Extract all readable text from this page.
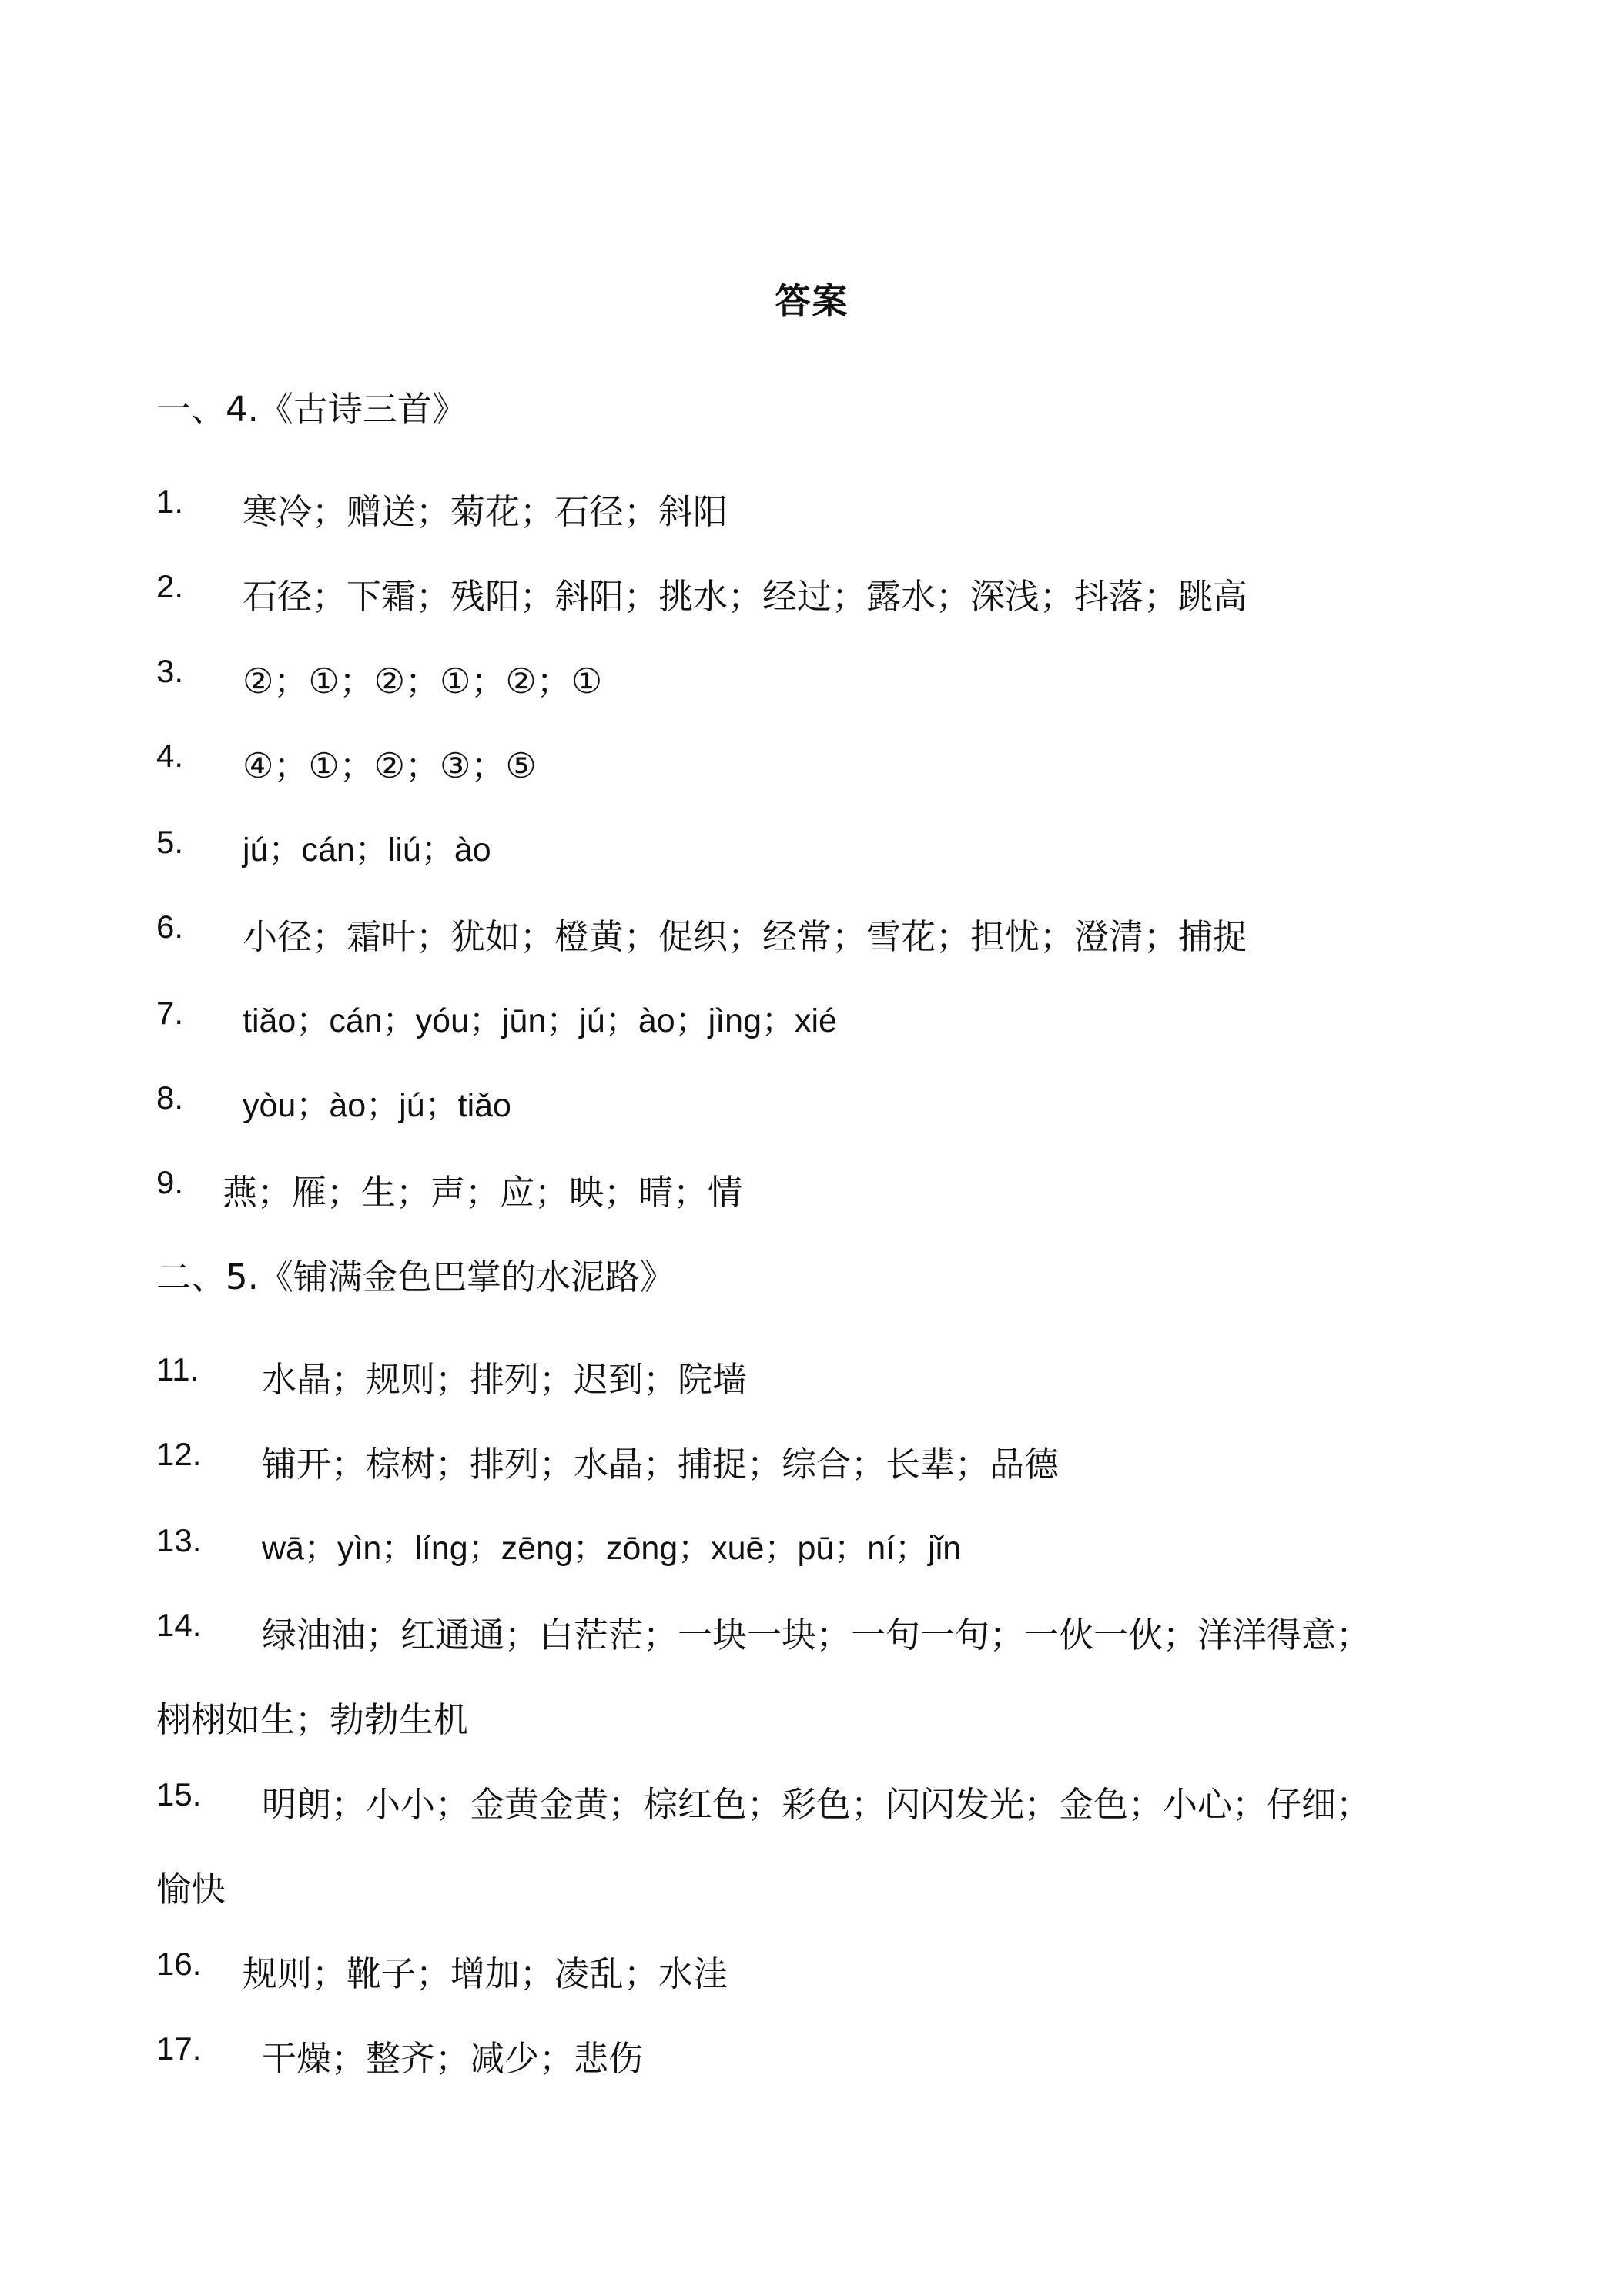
答案
一、4.《古诗三首》
1. 寒冷；赠送；菊花；石径；斜阳
2. 石径；下霜；残阳；斜阳；挑水；经过；露水；深浅；抖落；跳高
3. ②；①；②；①；②；①
4. ④；①；②；③；⑤
5. jú；cán；liú；ào
6. 小径；霜叶；犹如；橙黄；促织；经常；雪花；担忧；澄清；捕捉
7. tiǎo；cán；yóu；jūn；jú；ào；jìng；xié
8. yòu；ào；jú；tiǎo
9. 燕；雁；生；声；应；映；晴；情
二、5.《铺满金色巴掌的水泥路》
11. 水晶；规则；排列；迟到；院墙
12. 铺开；棕树；排列；水晶；捕捉；综合；长辈；品德
13. wā；yìn；líng；zēng；zōng；xuē；pū；ní；jǐn
14. 绿油油；红通通；白茫茫；一块一块；一句一句；一伙一伙；洋洋得意；
栩栩如生；勃勃生机
15. 明朗；小小；金黄金黄；棕红色；彩色；闪闪发光；金色；小心；仔细；
愉快
16. 规则；靴子；增加；凌乱；水洼
17. 干燥；整齐；减少；悲伤
